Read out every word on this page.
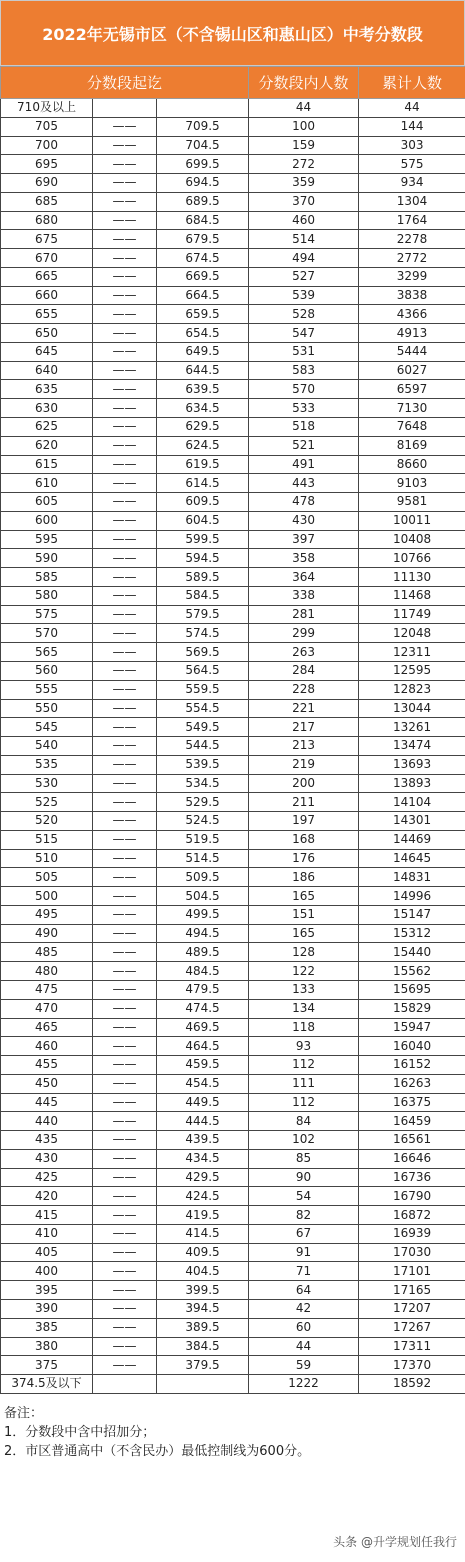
2022年无锡市区（不含锡山区和惠山区）中考分数段
分数段起讫			分数段内人数	累计人数
710及以上			44	44
705	——	709.5	100	144
700	——	704.5	159	303
695	——	699.5	272	575
690	——	694.5	359	934
685	——	689.5	370	1304
680	——	684.5	460	1764
675	——	679.5	514	2278
670	——	674.5	494	2772
665	——	669.5	527	3299
660	——	664.5	539	3838
655	——	659.5	528	4366
650	——	654.5	547	4913
645	——	649.5	531	5444
640	——	644.5	583	6027
635	——	639.5	570	6597
630	——	634.5	533	7130
625	——	629.5	518	7648
620	——	624.5	521	8169
615	——	619.5	491	8660
610	——	614.5	443	9103
605	——	609.5	478	9581
600	——	604.5	430	10011
595	——	599.5	397	10408
590	——	594.5	358	10766
585	——	589.5	364	11130
580	——	584.5	338	11468
575	——	579.5	281	11749
570	——	574.5	299	12048
565	——	569.5	263	12311
560	——	564.5	284	12595
555	——	559.5	228	12823
550	——	554.5	221	13044
545	——	549.5	217	13261
540	——	544.5	213	13474
535	——	539.5	219	13693
530	——	534.5	200	13893
525	——	529.5	211	14104
520	——	524.5	197	14301
515	——	519.5	168	14469
510	——	514.5	176	14645
505	——	509.5	186	14831
500	——	504.5	165	14996
495	——	499.5	151	15147
490	——	494.5	165	15312
485	——	489.5	128	15440
480	——	484.5	122	15562
475	——	479.5	133	15695
470	——	474.5	134	15829
465	——	469.5	118	15947
460	——	464.5	93	16040
455	——	459.5	112	16152
450	——	454.5	111	16263
445	——	449.5	112	16375
440	——	444.5	84	16459
435	——	439.5	102	16561
430	——	434.5	85	16646
425	——	429.5	90	16736
420	——	424.5	54	16790
415	——	419.5	82	16872
410	——	414.5	67	16939
405	——	409.5	91	17030
400	——	404.5	71	17101
395	——	399.5	64	17165
390	——	394.5	42	17207
385	——	389.5	60	17267
380	——	384.5	44	17311
375	——	379.5	59	17370
374.5及以下			1222	18592
备注：
1．分数段中含中招加分；
2．市区普通高中（不含民办）最低控制线为600分。
头条 @升学规划任我行
